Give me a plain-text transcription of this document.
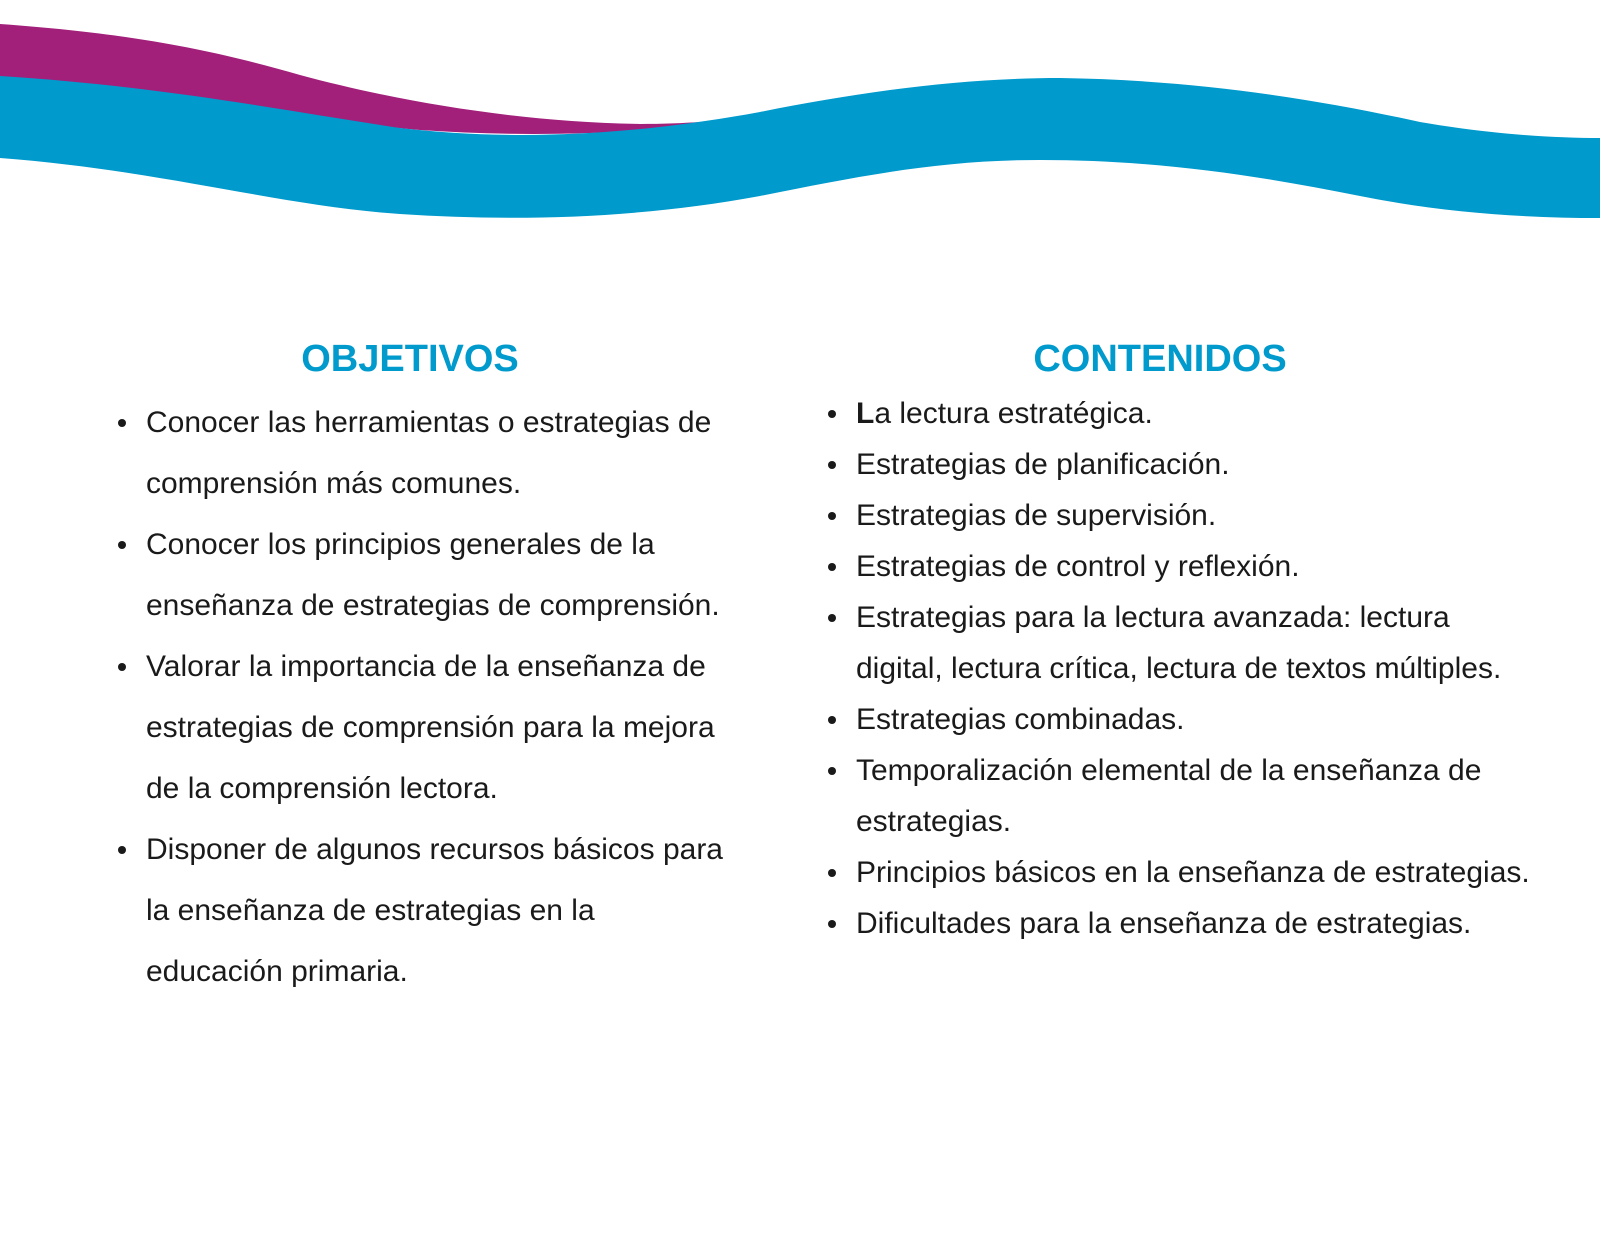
OBJETIVOS
Conocer las herramientas o estrategias de comprensión más comunes.
Conocer los principios generales de la enseñanza de estrategias de comprensión.
Valorar la importancia de la enseñanza de estrategias de comprensión para la mejora de la comprensión lectora.
Disponer de algunos recursos básicos para la enseñanza de estrategias en la educación primaria.
CONTENIDOS
La lectura estratégica.
Estrategias de planificación.
Estrategias de supervisión.
Estrategias de control y reflexión.
Estrategias para la lectura avanzada: lectura digital, lectura crítica, lectura de textos múltiples.
Estrategias combinadas.
Temporalización elemental de la enseñanza de estrategias.
Principios básicos en la enseñanza de estrategias.
Dificultades para la enseñanza de estrategias.
